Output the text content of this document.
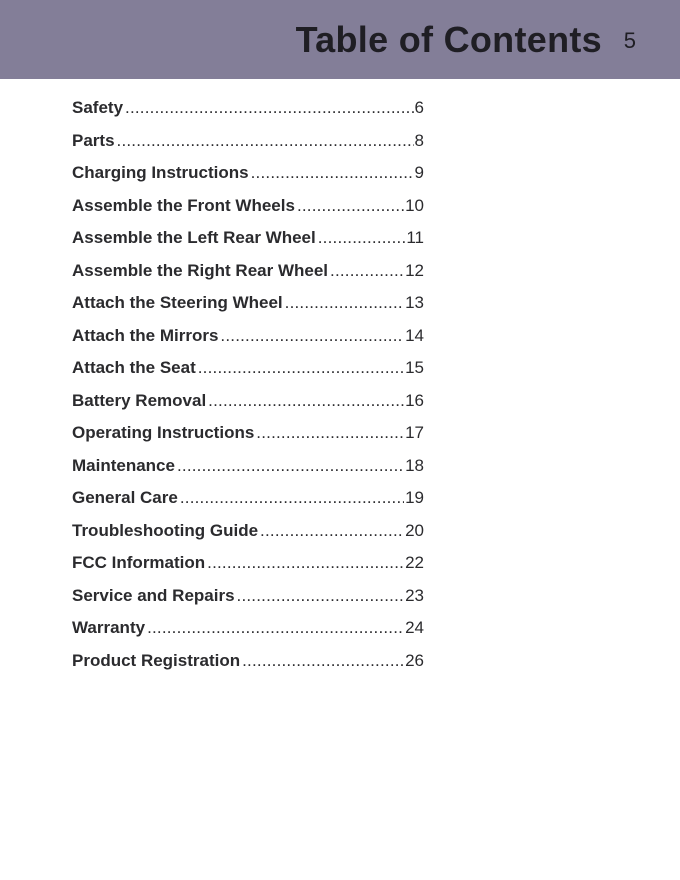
Table of Contents 5
Safety .....	6
Parts .....	8
Charging Instructions .....	9
Assemble the Front Wheels .....	10
Assemble the Left Rear Wheel .....	11
Assemble the Right Rear Wheel .....	12
Attach the Steering Wheel .....	13
Attach the Mirrors .....	14
Attach the Seat .....	15
Battery Removal .....	16
Operating Instructions .....	17
Maintenance .....	18
General Care .....	19
Troubleshooting Guide .....	20
FCC Information .....	22
Service and Repairs .....	23
Warranty .....	24
Product Registration .....	26
